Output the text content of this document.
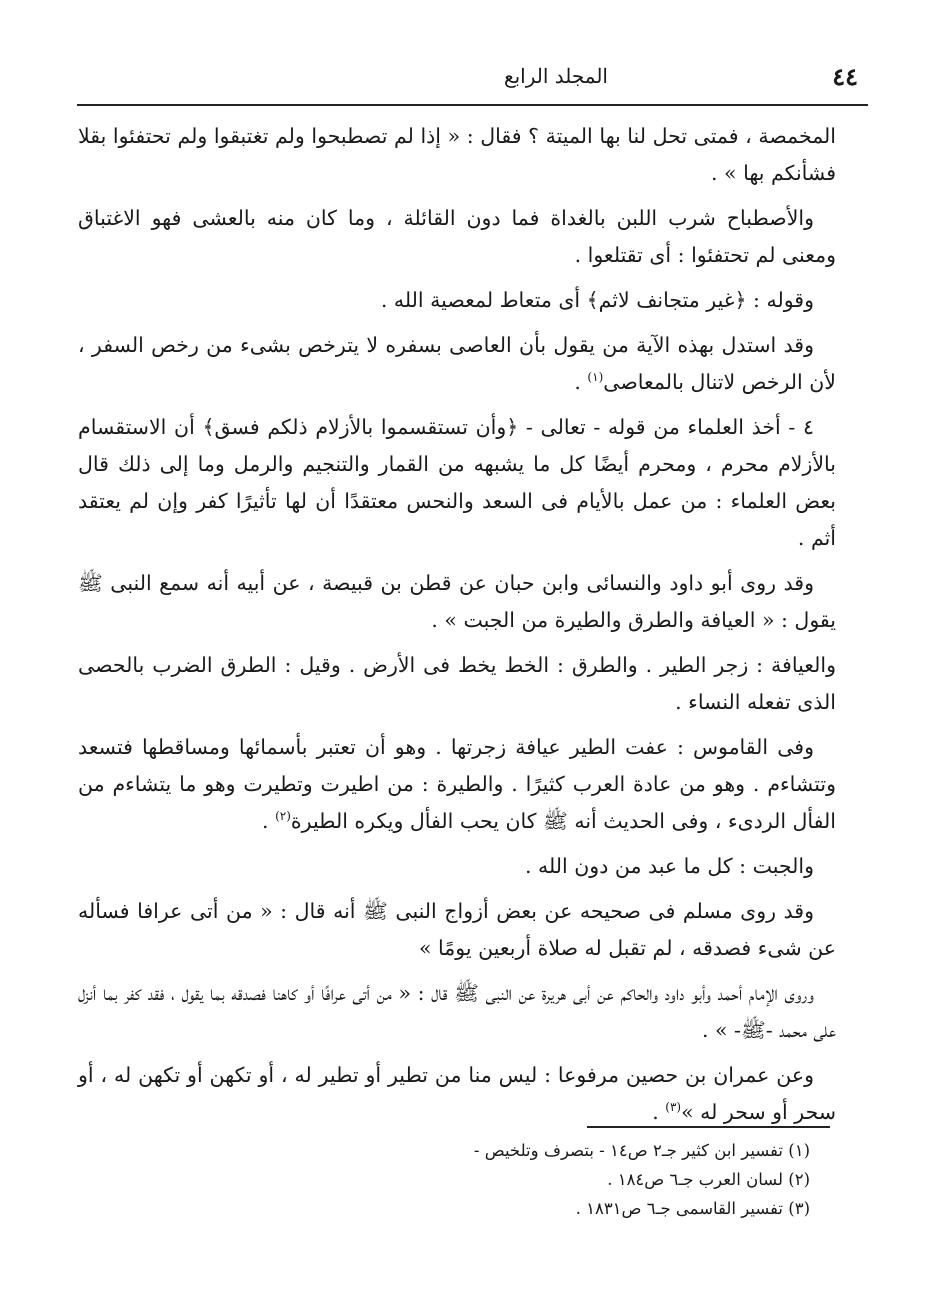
٤٤
المجلد الرابع

المخمصة ، فمتى تحل لنا بها الميتة ؟ فقال : « إذا لم تصطبحوا ولم تغتبقوا ولم تحتفئوا بقلا فشأنكم بها » .

والأصطباح شرب اللبن بالغداة فما دون القائلة ، وما كان منه بالعشى فهو الاغتباق ومعنى لم تحتفئوا : أى تقتلعوا .

وقوله : ﴿غير متجانف لاثم﴾ أى متعاط لمعصية الله .

وقد استدل بهذه الآية من يقول بأن العاصى بسفره لا يترخص بشىء من رخص السفر ، لأن الرخص لاتنال بالمعاصى$^{(١)}$ .

٤ - أخذ العلماء من قوله - تعالى - ﴿وأن تستقسموا بالأزلام ذلكم فسق﴾ أن الاستقسام بالأزلام محرم ، ومحرم أيضًا كل ما يشبهه من القمار والتنجيم والرمل وما إلى ذلك قال بعض العلماء : من عمل بالأيام فى السعد والنحس معتقدًا أن لها تأثيرًا كفر وإن لم يعتقد أثم .

وقد روى أبو داود والنسائى وابن حبان عن قطن بن قبيصة ، عن أبيه أنه سمع النبى ﷺ يقول : « العيافة والطرق والطيرة من الجبت » .

والعيافة : زجر الطير . والطرق : الخط يخط فى الأرض . وقيل : الطرق الضرب بالحصى الذى تفعله النساء .

وفى القاموس : عفت الطير عيافة زجرتها . وهو أن تعتبر بأسمائها ومساقطها فتسعد وتتشاءم . وهو من عادة العرب كثيرًا . والطيرة : من اطيرت وتطيرت وهو ما يتشاءم من الفأل الردىء ، وفى الحديث أنه ﷺ كان يحب الفأل ويكره الطيرة$^{(٢)}$ .

والجبت : كل ما عبد من دون الله .

وقد روى مسلم فى صحيحه عن بعض أزواج النبى ﷺ أنه قال : « من أتى عرافا فسأله عن شىء فصدقه ، لم تقبل له صلاة أربعين يومًا »

وروى الإمام أحمد وأبو داود والحاكم عن أبى هريرة عن النبى ﷺ قال : « من أتى عرافًا أو كاهنا فصدقه بما يقول ، فقد كفر بما أنزل على محمد -ﷺ- » .

وعن عمران بن حصين مرفوعا : ليس منا من تطير أو تطير له ، أو تكهن أو تكهن له ، أو سحر أو سحر له »$^{(٣)}$ .

(١) تفسير ابن كثير جـ٢ ص١٤ - بتصرف وتلخيص -

(٢) لسان العرب جـ٦ ص١٨٤ .

(٣) تفسير القاسمى جـ٦ ص١٨٣١ .
